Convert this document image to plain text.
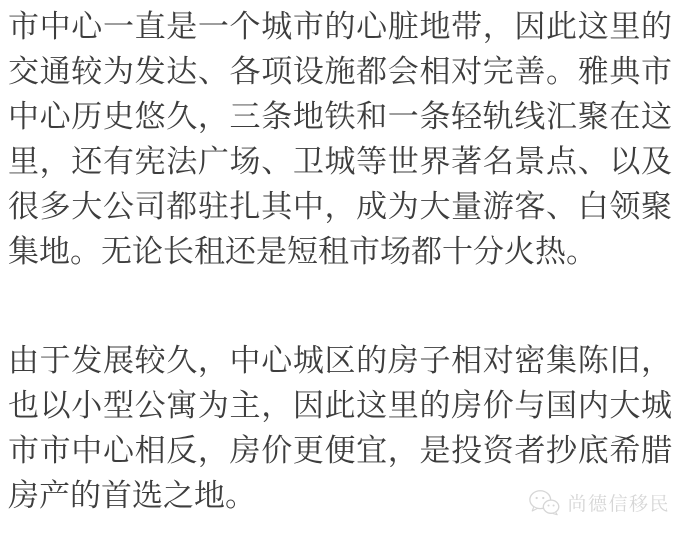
市中心一直是一个城市的心脏地带，因此这里的
交通较为发达、各项设施都会相对完善。雅典市
中心历史悠久，三条地铁和一条轻轨线汇聚在这
里，还有宪法广场、卫城等世界著名景点、以及
很多大公司都驻扎其中，成为大量游客、白领聚
集地。无论长租还是短租市场都十分火热。
由于发展较久，中心城区的房子相对密集陈旧，
也以小型公寓为主，因此这里的房价与国内大城
市市中心相反，房价更便宜，是投资者抄底希腊
房产的首选之地。	尚德信移民
